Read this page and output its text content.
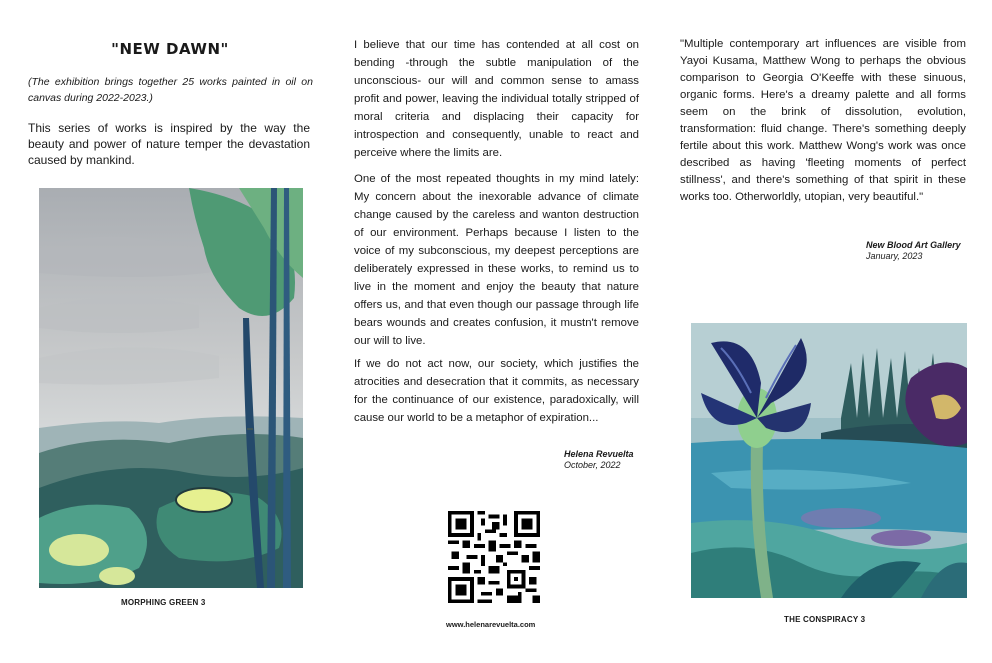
"NEW DAWN"

(The exhibition brings together 25 works painted in oil on canvas during 2022-2023.)

This series of works is inspired by the way the beauty and power of nature temper the devastation caused by mankind.

MORPHING GREEN 3

I believe that our time has contended at all cost on bending -through the subtle manipulation of the unconscious- our will and common sense to amass profit and power, leaving the individual totally stripped of moral criteria and displacing their capacity for introspection and consequently, unable to react and perceive where the limits are.

One of the most repeated thoughts in my mind lately: My concern about the inexorable advance of climate change caused by the careless and wanton destruction of our environment. Perhaps because I listen to the voice of my subconscious, my deepest perceptions are deliberately expressed in these works, to remind us to live in the moment and enjoy the beauty that nature offers us, and that even though our passage through life bears wounds and creates confusion, it mustn't remove our will to live.

If we do not act now, our society, which justifies the atrocities and desecration that it commits, as necessary for the continuance of our existence, paradoxically, will cause our world to be a metaphor of expiration...

Helena Revuelta
October, 2022

www.helenarevuelta.com

"Multiple contemporary art influences are visible from Yayoi Kusama, Matthew Wong to perhaps the obvious comparison to Georgia O'Keeffe with these sinuous, organic forms. Here's a dreamy palette and all forms seem on the brink of dissolution, evolution, transformation: fluid change. There's something deeply fertile about this work. Matthew Wong's work was once described as having 'fleeting moments of perfect stillness', and there's something of that spirit in these works too. Otherworldly, utopian, very beautiful."

New Blood Art Gallery
January, 2023

THE CONSPIRACY 3
